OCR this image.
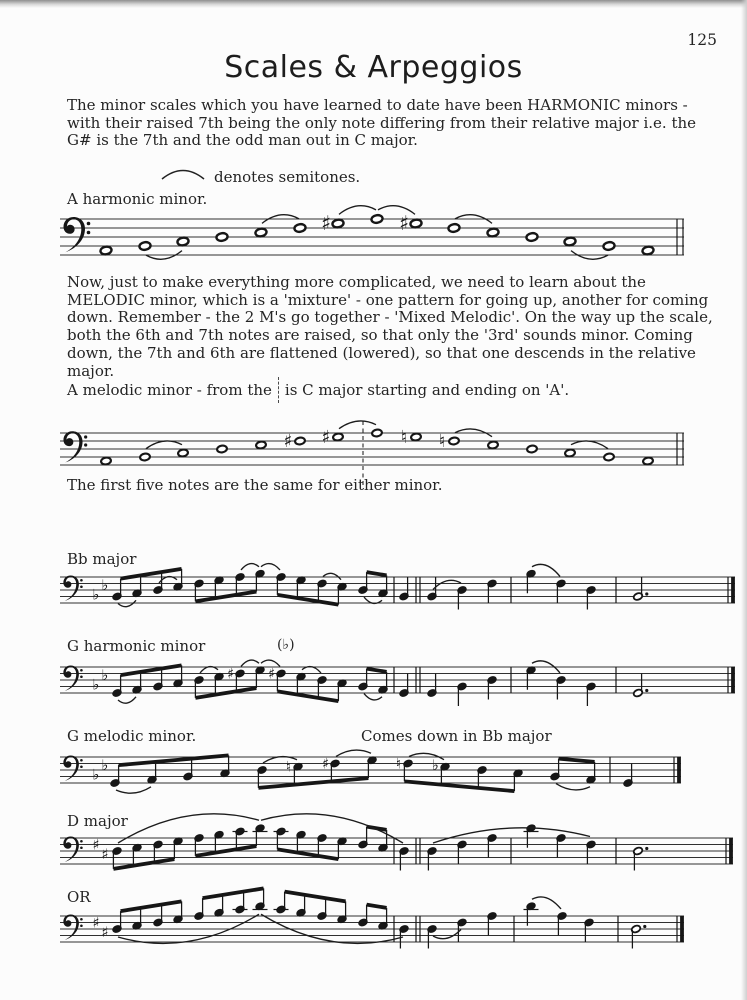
125
Scales & Arpeggios
The minor scales which you have learned to date have been HARMONIC minors - with their raised 7th being the only note differing from their relative major i.e. the G# is the 7th and the odd man out in C major.
denotes semitones.
A harmonic minor.
Now, just to make everything more complicated, we need to learn about the MELODIC minor, which is a 'mixture' - one pattern for going up, another for coming down. Remember - the 2 M's go together - 'Mixed Melodic'. On the way up the scale, both the 6th and 7th notes are raised, so that only the '3rd' sounds minor. Coming down, the 7th and 6th are flattened (lowered), so that one descends in the relative major.
A melodic minor - from the is C major starting and ending on 'A'.
The first five notes are the same for either minor.
Bb major
G harmonic minor	(♭)
G melodic minor.	Comes down in Bb major
D major
OR
♯	♯
♯ ♯	♮ ♮
♭
♭
♭
♭	♯ ♯
♭
♭	♮ ♯	♮ ♭
♯
♯
♯
♯
